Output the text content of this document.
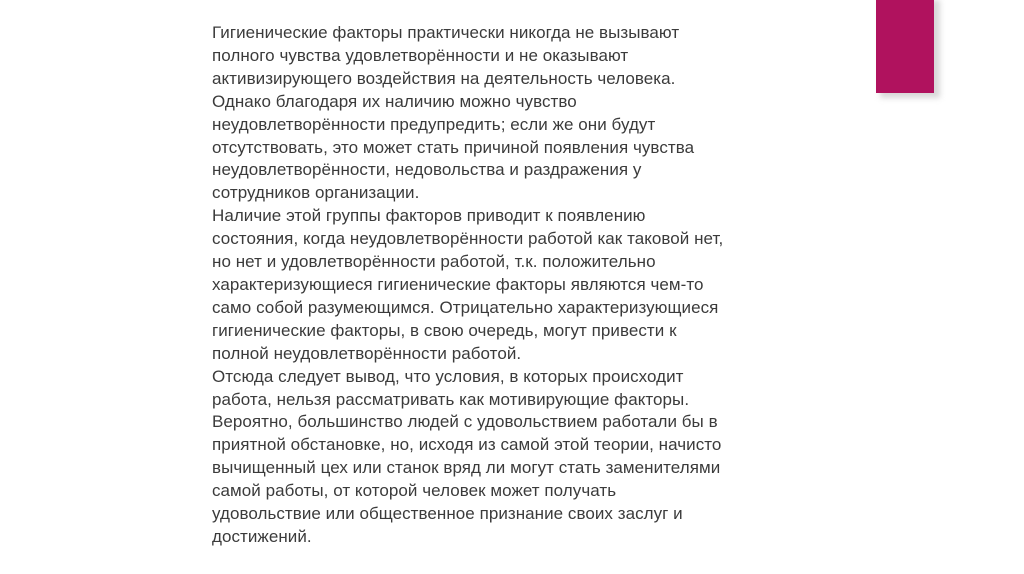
Гигиенические факторы практически никогда не вызывают
полного чувства удовлетворённости и не оказывают
активизирующего воздействия на деятельность человека.
Однако благодаря их наличию можно чувство
неудовлетворённости предупредить; если же они будут
отсутствовать, это может стать причиной появления чувства
неудовлетворённости, недовольства и раздражения у
сотрудников организации.
Наличие этой группы факторов приводит к появлению
состояния, когда неудовлетворённости работой как таковой нет,
но нет и удовлетворённости работой, т.к. положительно
характеризующиеся гигиенические факторы являются чем-то
само собой разумеющимся. Отрицательно характеризующиеся
гигиенические факторы, в свою очередь, могут привести к
полной неудовлетворённости работой.
Отсюда следует вывод, что условия, в которых происходит
работа, нельзя рассматривать как мотивирующие факторы.
Вероятно, большинство людей с удовольствием работали бы в
приятной обстановке, но, исходя из самой этой теории, начисто
вычищенный цех или станок вряд ли могут стать заменителями
самой работы, от которой человек может получать
удовольствие или общественное признание своих заслуг и
достижений.
